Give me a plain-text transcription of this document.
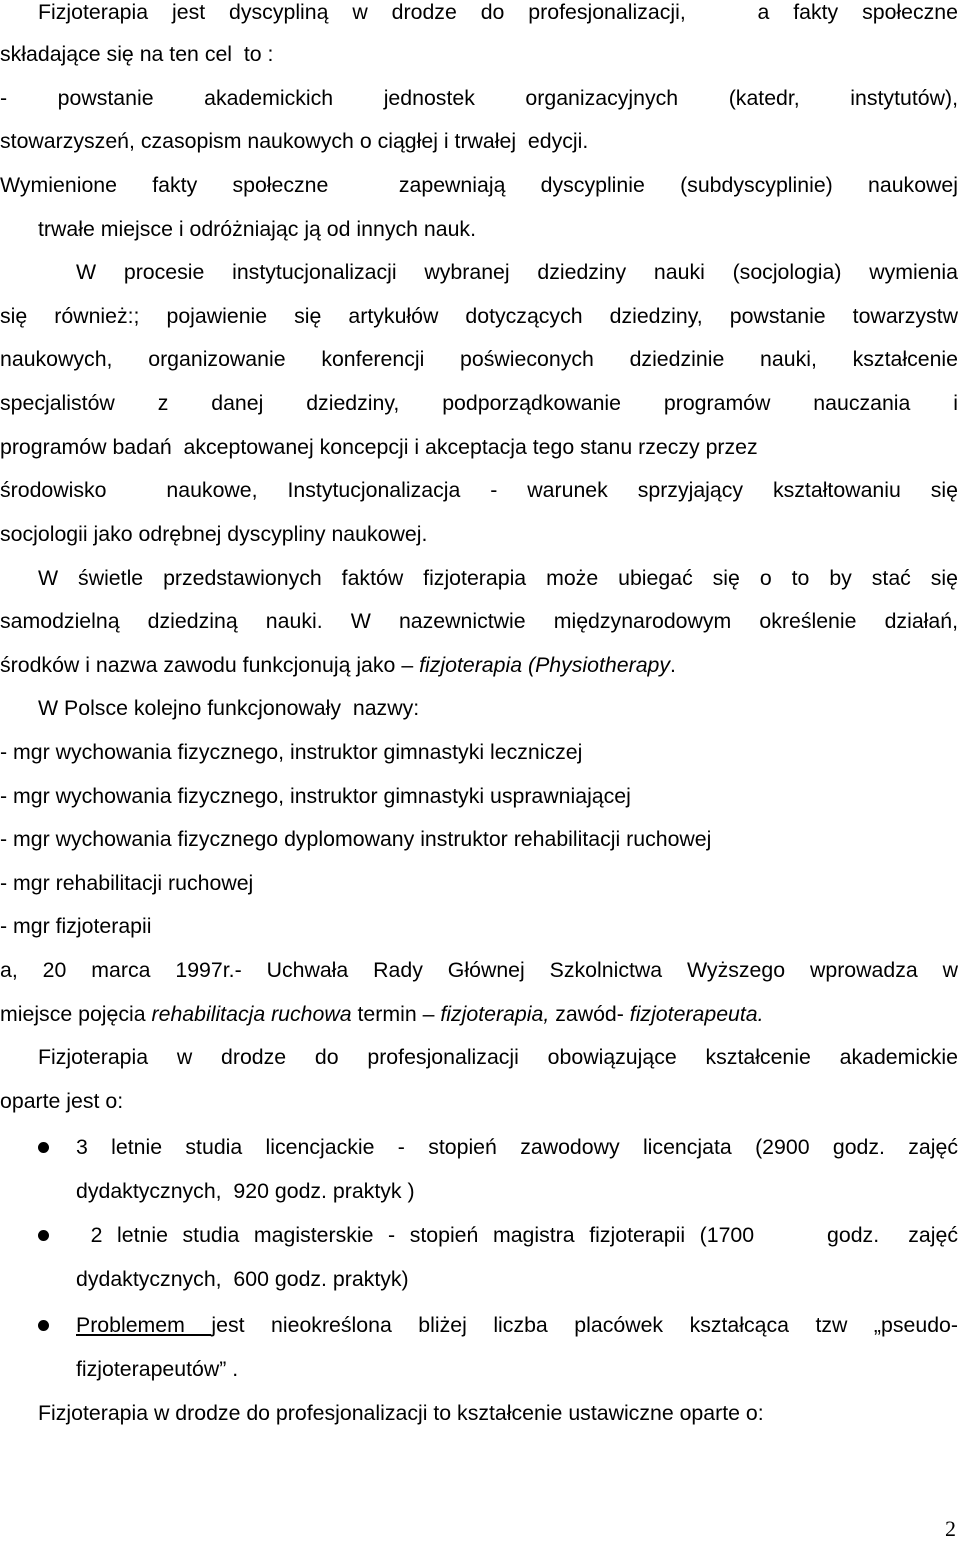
Fizjoterapia jest dyscypliną w drodze do profesjonalizacji,   a fakty społeczne
składające się na ten cel  to :
-  powstanie  akademickich  jednostek  organizacyjnych  (katedr,  instytutów),
stowarzyszeń, czasopism naukowych o ciągłej i trwałej  edycji.
Wymienione  fakty  społeczne    zapewniają  dyscyplinie  (subdyscyplinie)  naukowej
trwałe miejsce i odróżniając ją od innych nauk.
W procesie instytucjonalizacji wybranej dziedziny nauki (socjologia) wymienia
się również:; pojawienie się artykułów dotyczących dziedziny, powstanie towarzystw
naukowych, organizowanie konferencji poświeconych dziedzinie nauki, kształcenie
specjalistów  z  danej  dziedziny,  podporządkowanie  programów  nauczania  i
programów badań  akceptowanej koncepcji i akceptacja tego stanu rzeczy przez
środowisko  naukowe, Instytucjonalizacja - warunek sprzyjający kształtowaniu się
socjologii jako odrębnej dyscypliny naukowej.
W świetle przedstawionych faktów fizjoterapia może ubiegać się o to by stać się
samodzielną dziedziną nauki. W nazewnictwie międzynarodowym określenie działań,
środków i nazwa zawodu funkcjonują jako – fizjoterapia (Physiotherapy.
W Polsce kolejno funkcjonowały  nazwy:
- mgr wychowania fizycznego, instruktor gimnastyki leczniczej
- mgr wychowania fizycznego, instruktor gimnastyki usprawniającej
- mgr wychowania fizycznego dyplomowany instruktor rehabilitacji ruchowej
- mgr rehabilitacji ruchowej
- mgr fizjoterapii
a, 20 marca 1997r.- Uchwała Rady Głównej Szkolnictwa Wyższego wprowadza w
miejsce pojęcia rehabilitacja ruchowa termin – fizjoterapia, zawód- fizjoterapeuta.
Fizjoterapia w drodze do profesjonalizacji obowiązujące kształcenie akademickie
oparte jest o:
3  letnie  studia  licencjackie  -  stopień  zawodowy  licencjata  (2900  godz.  zajęć
dydaktycznych,  920 godz. praktyk )
2 letnie studia magisterskie - stopień magistra fizjoterapii (1700     godz.  zajęć
dydaktycznych,  600 godz. praktyk)
Problemem jest nieokreślona bliżej liczba placówek kształcąca tzw „pseudo-
fizjoterapeutów” .
Fizjoterapia w drodze do profesjonalizacji to kształcenie ustawiczne oparte o:
2
